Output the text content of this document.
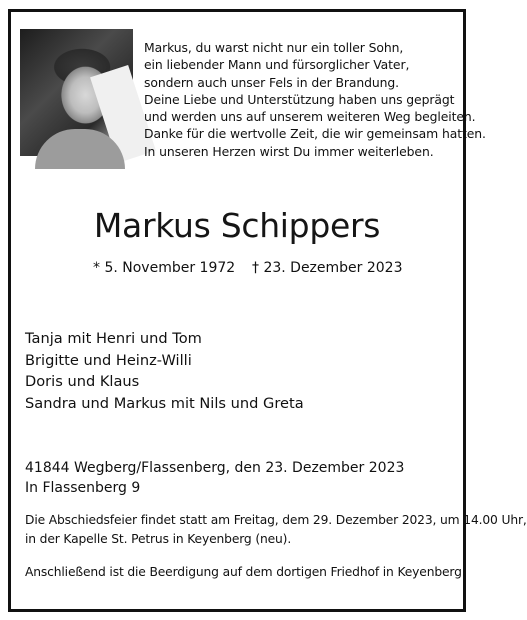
Markus, du warst nicht nur ein toller Sohn,
ein liebender Mann und fürsorglicher Vater,
sondern auch unser Fels in der Brandung.
Deine Liebe und Unterstützung haben uns geprägt
und werden uns auf unserem weiteren Weg begleiten.
Danke für die wertvolle Zeit, die wir gemeinsam hatten.
In unseren Herzen wirst Du immer weiterleben.
Markus Schippers
* 5. November 1972 † 23. Dezember 2023
Tanja mit Henri und Tom
Brigitte und Heinz-Willi
Doris und Klaus
Sandra und Markus mit Nils und Greta
41844 Wegberg/Flassenberg, den 23. Dezember 2023
In Flassenberg 9
Die Abschiedsfeier findet statt am Freitag, dem 29. Dezember 2023, um 14.00 Uhr,
in der Kapelle St. Petrus in Keyenberg (neu).
Anschließend ist die Beerdigung auf dem dortigen Friedhof in Keyenberg.
